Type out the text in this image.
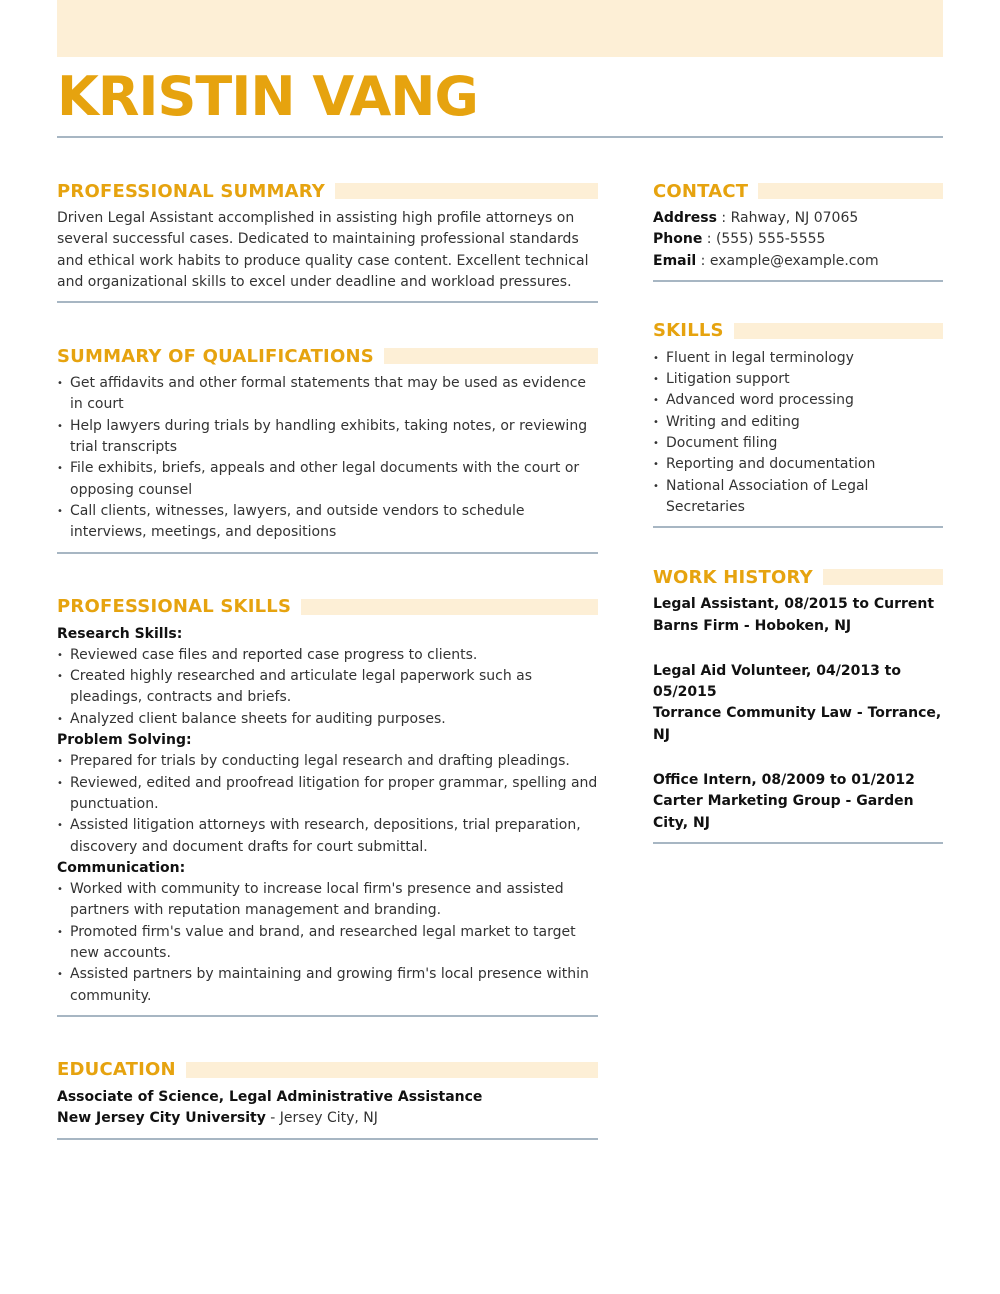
KRISTIN VANG
PROFESSIONAL SUMMARY
Driven Legal Assistant accomplished in assisting high profile attorneys on several successful cases. Dedicated to maintaining professional standards and ethical work habits to produce quality case content. Excellent technical and organizational skills to excel under deadline and workload pressures.
SUMMARY OF QUALIFICATIONS
• Get affidavits and other formal statements that may be used as evidence in court
• Help lawyers during trials by handling exhibits, taking notes, or reviewing trial transcripts
• File exhibits, briefs, appeals and other legal documents with the court or opposing counsel
• Call clients, witnesses, lawyers, and outside vendors to schedule interviews, meetings, and depositions
PROFESSIONAL SKILLS
Research Skills:
• Reviewed case files and reported case progress to clients.
• Created highly researched and articulate legal paperwork such as pleadings, contracts and briefs.
• Analyzed client balance sheets for auditing purposes.
Problem Solving:
• Prepared for trials by conducting legal research and drafting pleadings.
• Reviewed, edited and proofread litigation for proper grammar, spelling and punctuation.
• Assisted litigation attorneys with research, depositions, trial preparation, discovery and document drafts for court submittal.
Communication:
• Worked with community to increase local firm's presence and assisted partners with reputation management and branding.
• Promoted firm's value and brand, and researched legal market to target new accounts.
• Assisted partners by maintaining and growing firm's local presence within community.
EDUCATION
Associate of Science, Legal Administrative Assistance
New Jersey City University - Jersey City, NJ
CONTACT
Address : Rahway, NJ 07065
Phone : (555) 555-5555
Email : example@example.com
SKILLS
• Fluent in legal terminology
• Litigation support
• Advanced word processing
• Writing and editing
• Document filing
• Reporting and documentation
• National Association of Legal Secretaries
WORK HISTORY
Legal Assistant, 08/2015 to Current
Barns Firm - Hoboken, NJ
Legal Aid Volunteer, 04/2013 to 05/2015
Torrance Community Law - Torrance, NJ
Office Intern, 08/2009 to 01/2012
Carter Marketing Group - Garden City, NJ
